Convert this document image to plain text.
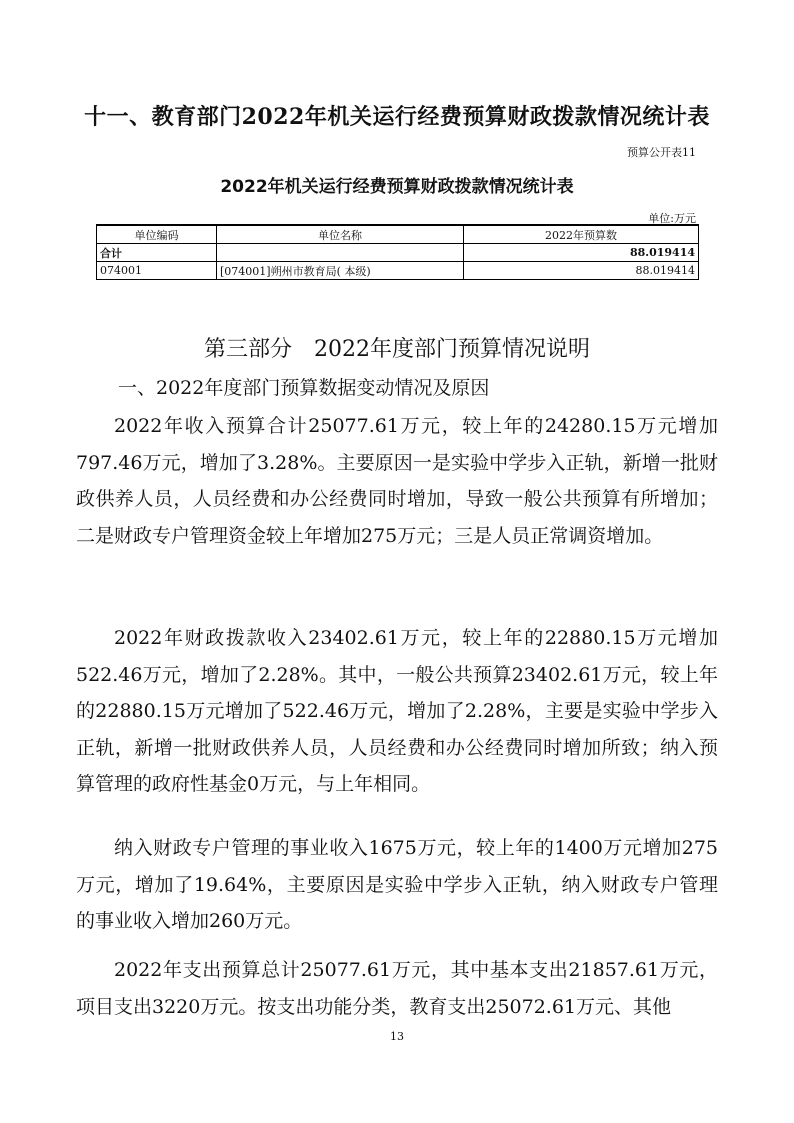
十一、教育部门2022年机关运行经费预算财政拨款情况统计表
预算公开表11
2022年机关运行经费预算财政拨款情况统计表
单位:万元
单位编码	单位名称	2022年预算数
合计		88.019414
074001	[074001]朔州市教育局( 本级)	88.019414
第三部分　2022年度部门预算情况说明
一、2022年度部门预算数据变动情况及原因

2022年收入预算合计25077.61万元，较上年的24280.15万元增加797.46万元，增加了3.28%。主要原因一是实验中学步入正轨，新增一批财政供养人员，人员经费和办公经费同时增加，导致一般公共预算有所增加；二是财政专户管理资金较上年增加275万元；三是人员正常调资增加。

2022年财政拨款收入23402.61万元，较上年的22880.15万元增加522.46万元，增加了2.28%。其中，一般公共预算23402.61万元，较上年的22880.15万元增加了522.46万元，增加了2.28%，主要是实验中学步入正轨，新增一批财政供养人员，人员经费和办公经费同时增加所致；纳入预算管理的政府性基金0万元，与上年相同。

纳入财政专户管理的事业收入1675万元，较上年的1400万元增加275万元，增加了19.64%，主要原因是实验中学步入正轨，纳入财政专户管理的事业收入增加260万元。

2022年支出预算总计25077.61万元，其中基本支出21857.61万元，项目支出3220万元。按支出功能分类，教育支出25072.61万元、其他

13
